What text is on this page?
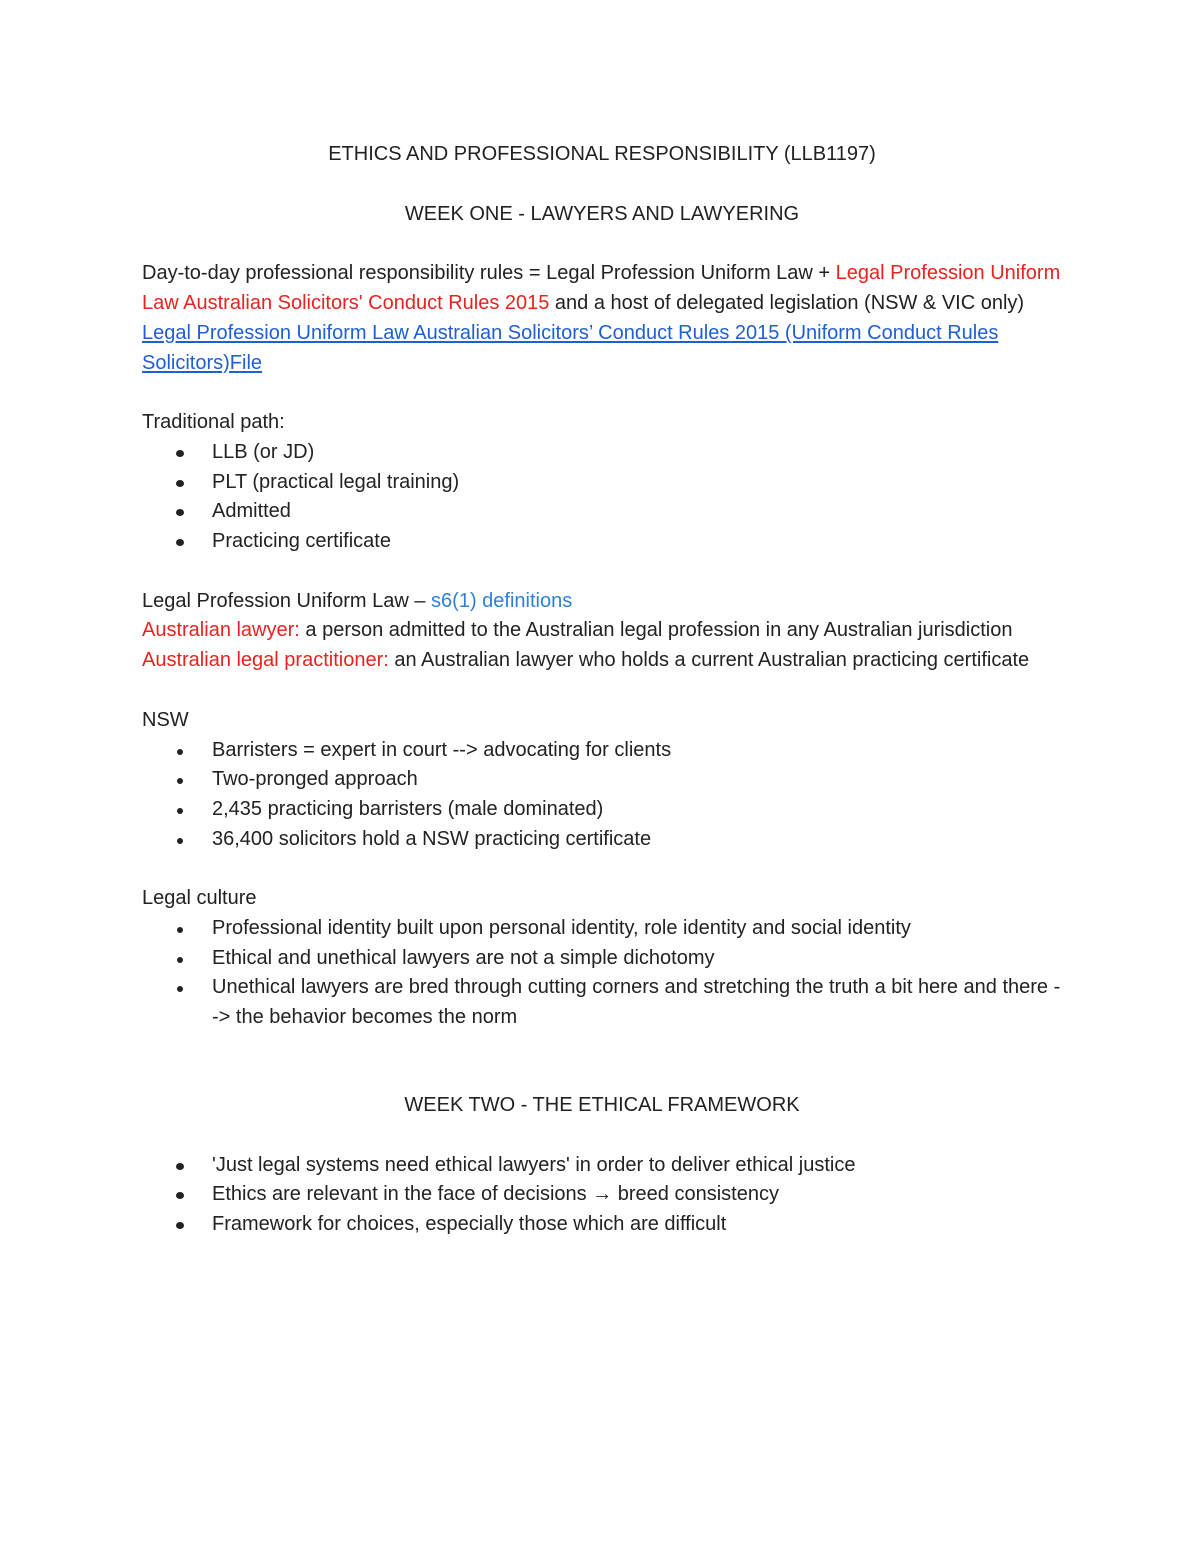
ETHICS AND PROFESSIONAL RESPONSIBILITY (LLB1197)
WEEK ONE - LAWYERS AND LAWYERING

Day-to-day professional responsibility rules = Legal Profession Uniform Law + Legal Profession Uniform Law Australian Solicitors' Conduct Rules 2015 and a host of delegated legislation (NSW & VIC only)

Legal Profession Uniform Law Australian Solicitors’ Conduct Rules 2015 (Uniform Conduct Rules Solicitors)File

Traditional path:
LLB (or JD)
PLT (practical legal training)
Admitted
Practicing certificate
Legal Profession Uniform Law – s6(1) definitions
Australian lawyer: a person admitted to the Australian legal profession in any Australian jurisdiction
Australian legal practitioner: an Australian lawyer who holds a current Australian practicing certificate
NSW
Barristers = expert in court --> advocating for clients
Two-pronged approach
2,435 practicing barristers (male dominated)
36,400 solicitors hold a NSW practicing certificate
Legal culture
Professional identity built upon personal identity, role identity and social identity
Ethical and unethical lawyers are not a simple dichotomy
Unethical lawyers are bred through cutting corners and stretching the truth a bit here and there --> the behavior becomes the norm
WEEK TWO - THE ETHICAL FRAMEWORK
'Just legal systems need ethical lawyers' in order to deliver ethical justice
Ethics are relevant in the face of decisions → breed consistency
Framework for choices, especially those which are difficult
